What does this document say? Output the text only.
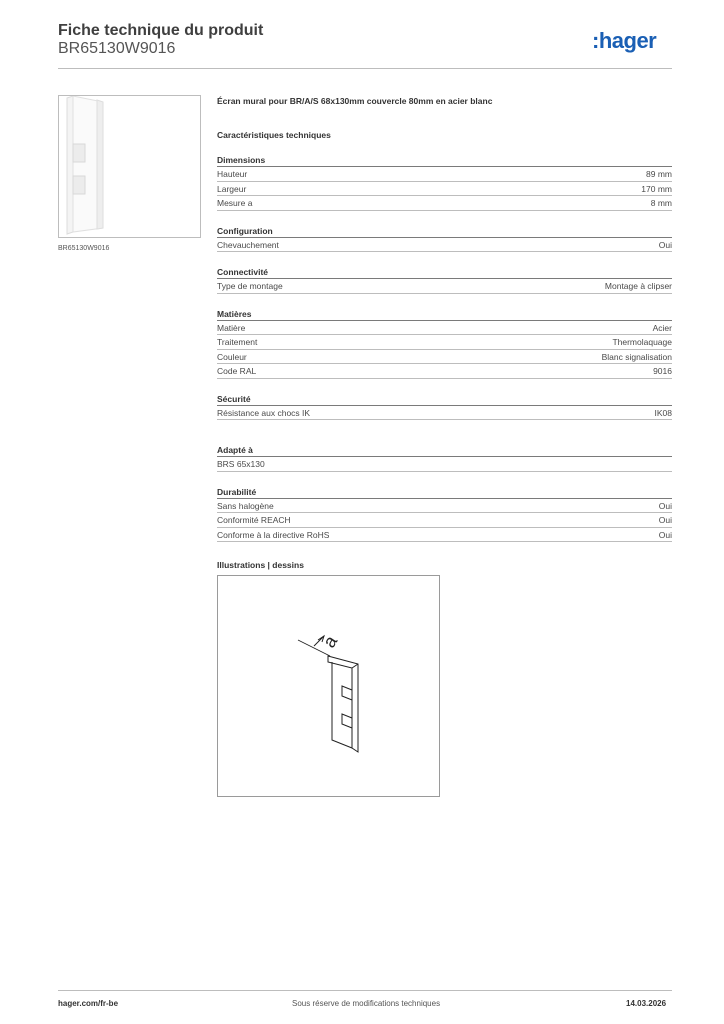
Fiche technique du produit
BR65130W9016	:hager
BR65130W9016
Écran mural pour BR/A/S 68x130mm couvercle 80mm en acier blanc
Caractéristiques techniques
Dimensions
Hauteur	89 mm
Largeur	170 mm
Mesure a	8 mm
Configuration
Chevauchement	Oui
Connectivité
Type de montage	Montage à clipser
Matières
Matière	Acier
Traitement	Thermolaquage
Couleur	Blanc signalisation
Code RAL	9016
Sécurité
Résistance aux chocs IK	IK08
Adapté à
BRS 65x130
Durabilité
Sans halogène	Oui
Conformité REACH	Oui
Conforme à la directive RoHS	Oui
Illustrations | dessins
a
hager.com/fr-be	Sous réserve de modifications techniques	14.03.2026
